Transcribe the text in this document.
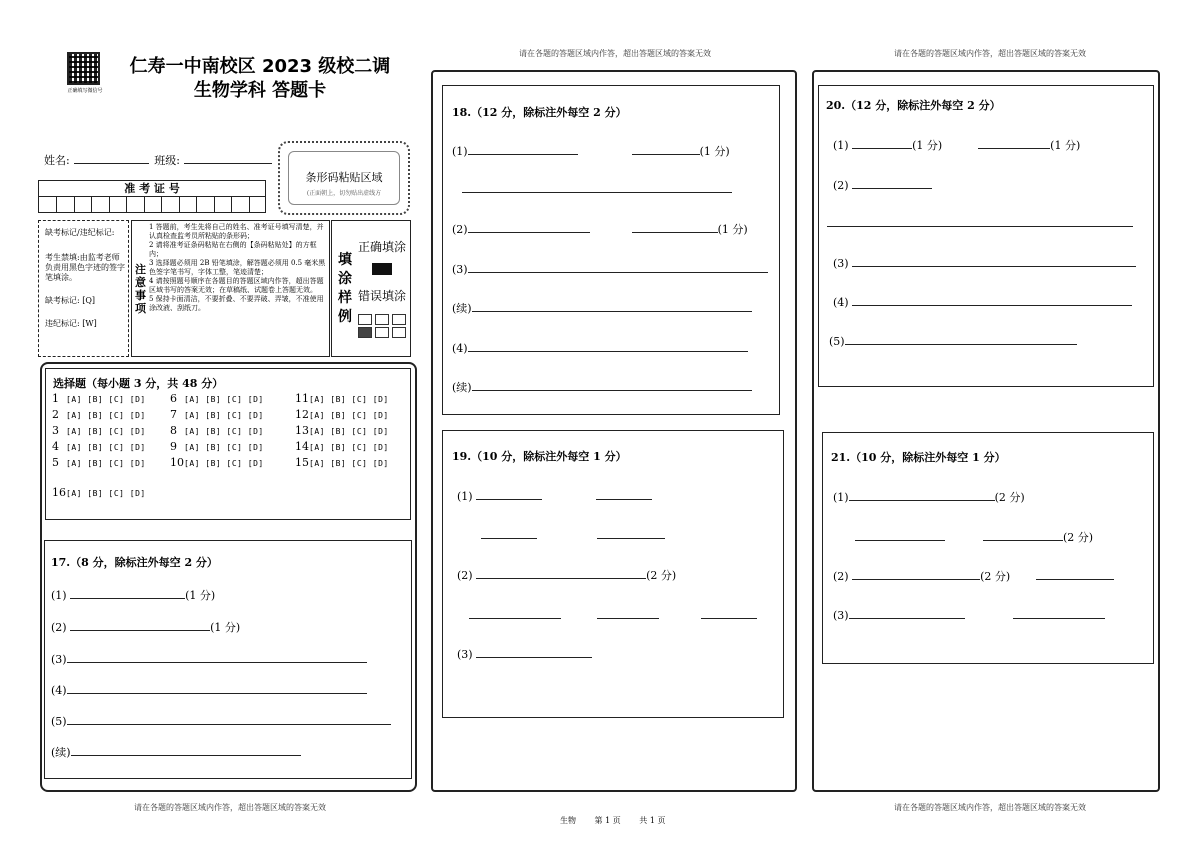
正确填写微信号
仁寿一中南校区 2023 级校二调
生物学科 答题卡
请在各题的答题区域内作答，超出答题区域的答案无效	请在各题的答题区域内作答，超出答题区域的答案无效
姓名:	班级:
准 考 证 号
条形码粘贴区域
(正面朝上，切勿贴出虚线方
缺考标记/违纪标记:
考生禁填:由监考老师负责用黑色字迹的签字笔填涂。
缺考标记: [Q]
违纪标记: [W]
注意事项
1 答题前，考生先将自己的姓名、准考证号填写清楚，并认真检查监考员所粘贴的条形码；
2 请将准考证条码粘贴在右侧的【条码粘贴处】的方框内；
3 选择题必须用 2B 铅笔填涂，解答题必须用 0.5 毫米黑色签字笔书写，字体工整，笔迹清楚；
4 请按照题号顺序在各题目的答题区域内作答，超出答题区域书写的答案无效；在草稿纸、试题卷上答题无效。
5 保持卡面清洁，不要折叠、不要弄破、弄皱，不准使用涂改液、刮纸刀。
填涂样例
正确填涂
错误填涂

选择题（每小题 3 分，共 48 分）
1 [A] [B] [C] [D]
2 [A] [B] [C] [D]
3 [A] [B] [C] [D]
4 [A] [B] [C] [D]
5 [A] [B] [C] [D]
6 [A] [B] [C] [D]
7 [A] [B] [C] [D]
8 [A] [B] [C] [D]
9 [A] [B] [C] [D]
10[A] [B] [C] [D]
11[A] [B] [C] [D]
12[A] [B] [C] [D]
13[A] [B] [C] [D]
14[A] [B] [C] [D]
15[A] [B] [C] [D]
16[A] [B] [C] [D]
17.（8 分，除标注外每空 2 分）
(1)	(1 分)
(2)	(1 分)
(3)
(4)
(5)
(续)
请在各题的答题区域内作答，超出答题区域的答案无效
18.（12 分，除标注外每空 2 分）
(1)	(1 分)
(2)	(1 分)
(3)
(续)
(4)
(续)
19.（10 分，除标注外每空 1 分）
(1)
(2)	(2 分)
(3)
生物 第 1 页 共 1 页
20.（12 分，除标注外每空 2 分）
(1)	(1 分)	(1 分)
(2)
(3)
(4)
(5)
21.（10 分，除标注外每空 1 分）
(1)	(2 分)
(2 分)
(2)	(2 分)
(3)
请在各题的答题区域内作答，超出答题区域的答案无效
